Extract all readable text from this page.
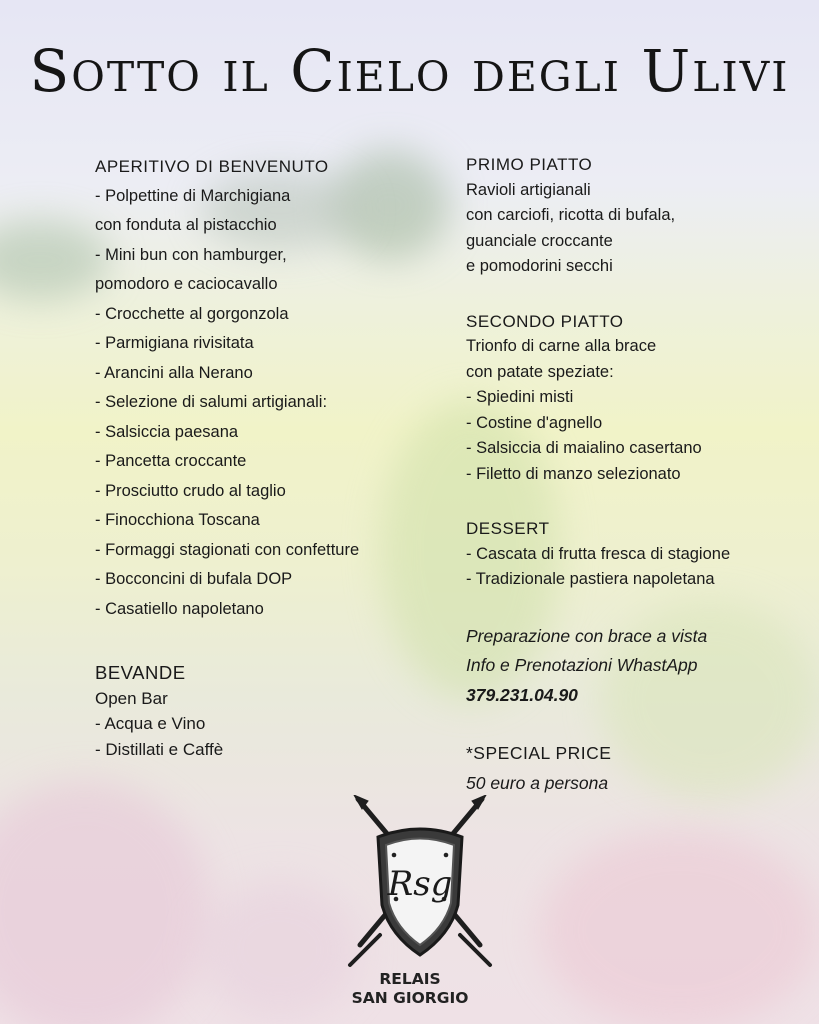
Sotto il Cielo degli Ulivi
APERITIVO DI BENVENUTO
- Polpettine di Marchigiana
con fonduta al pistacchio
- Mini bun con hamburger,
pomodoro e caciocavallo
- Crocchette al gorgonzola
- Parmigiana rivisitata
- Arancini alla Nerano
- Selezione di salumi artigianali:
- Salsiccia paesana
- Pancetta croccante
- Prosciutto crudo al taglio
- Finocchiona Toscana
- Formaggi stagionati con confetture
- Bocconcini di bufala DOP
- Casatiello napoletano
BEVANDE
Open Bar
- Acqua e Vino
- Distillati e Caffè
PRIMO PIATTO
Ravioli artigianali
con carciofi, ricotta di bufala,
guanciale croccante
e pomodorini secchi
SECONDO PIATTO
Trionfo di carne alla brace
con patate speziate:
- Spiedini misti
- Costine d'agnello
- Salsiccia di maialino casertano
- Filetto di manzo selezionato
DESSERT
- Cascata di frutta fresca di stagione
- Tradizionale pastiera napoletana
Preparazione con brace a vista
Info e Prenotazioni WhastApp
379.231.04.90
*SPECIAL PRICE
50 euro a persona
Rsg
RELAIS
SAN GIORGIO
